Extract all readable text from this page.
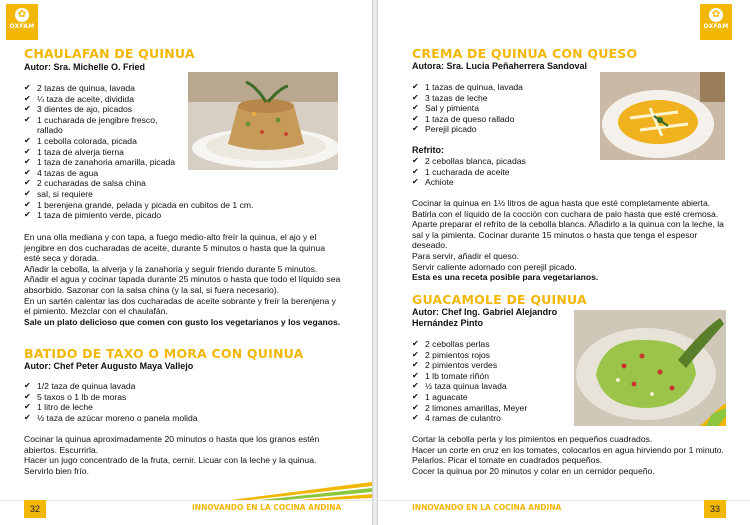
✿
OXFAM
CHAULAFAN DE QUINUA
Autor: Sra. Michelle O. Fried
✔ 2 tazas de quinua, lavada
✔ ¼ taza de aceite, dividida
✔ 3 dientes de ajo, picados
✔ 1 cucharada de jengibre fresco, rallado
✔ 1 cebolla colorada, picada
✔ 1 taza de alverja tierna
✔ 1 taza de zanahoria amarilla, picada
✔ 4 tazas de agua
✔ 2 cucharadas de salsa china
✔ sal, si requiere
✔ 1 berenjena grande, pelada y picada en cubitos de 1 cm.
✔ 1 taza de pimiento verde, picado

En una olla mediana y con tapa, a fuego medio-alto freír la quinua, el ajo y el jengibre en dos cucharadas de aceite, durante 5 minutos o hasta que la quinua esté seca y dorada.

Añadir la cebolla, la alverja y la zanahoria y seguir friendo durante 5 minutos.

Añadir el agua y cocinar tapada durante 25 minutos o hasta que todo el líquido sea absorbido. Sazonar con la salsa china (y la sal, si fuera necesario).

En un sartén calentar las dos cucharadas de aceite sobrante y freír la berenjena y el pimiento. Mezclar con el chaulafán.

Sale un plato delicioso que comen con gusto los vegetarianos y los veganos.

BATIDO DE TAXO O MORA CON QUINUA
Autor: Chef Peter Augusto Maya Vallejo
✔ 1/2 taza de quinua lavada
✔ 5 taxos o 1 lb de moras
✔ 1 litro de leche
✔ ½ taza de azúcar moreno o panela molida

Cocinar la quinua aproximadamente 20 minutos o hasta que los granos estén abiertos. Escurrirla.

Hacer un jugo concentrado de la fruta, cernir. Licuar con la leche y la quinua.

Servirlo bien frío.

32	INNOVANDO EN LA COCINA ANDINA
✿
OXFAM
CREMA DE QUINUA CON QUESO
Autora: Sra. Lucia Peñaherrera Sandoval
✔ 1 tazas de quinua, lavada
✔ 3 tazas de leche
✔ Sal y pimienta
✔ 1 taza de queso rallado
✔ Perejil picado
Refrito:
✔ 2 cebollas blanca, picadas
✔ 1 cucharada de aceite
✔ Achiote

Cocinar la quinua en 1½ litros de agua hasta que esté completamente abierta. Batirla con el líquido de la cocción con cuchara de palo hasta que esté cremosa. Aparte preparar el refrito de la cebolla blanca. Añadirlo a la quinua con la leche, la sal y la pimienta. Cocinar durante 15 minutos o hasta que tenga el espesor deseado.

Para servir, añadir el queso.

Servir caliente adornado con perejil picado.

Esta es una receta posible para vegetarianos.

GUACAMOLE DE QUINUA
Autor: Chef Ing. Gabriel Alejandro Hernández Pinto
✔ 2 cebollas perlas
✔ 2 pimientos rojos
✔ 2 pimientos verdes
✔ 1 lb tomate riñón
✔ ½ taza quinua lavada
✔ 1 aguacate
✔ 2 limones amarillas, Meyer
✔ 4 ramas de culantro

Cortar la cebolla perla y los pimientos en pequeños cuadrados.

Hacer un corte en cruz en los tomates, colocarlos en agua hirviendo por 1 minuto. Pelarlos. Picar el tomate en cuadrados pequeños.

Cocer la quinua por 20 minutos y colar en un cernidor pequeño.

INNOVANDO EN LA COCINA ANDINA	33
